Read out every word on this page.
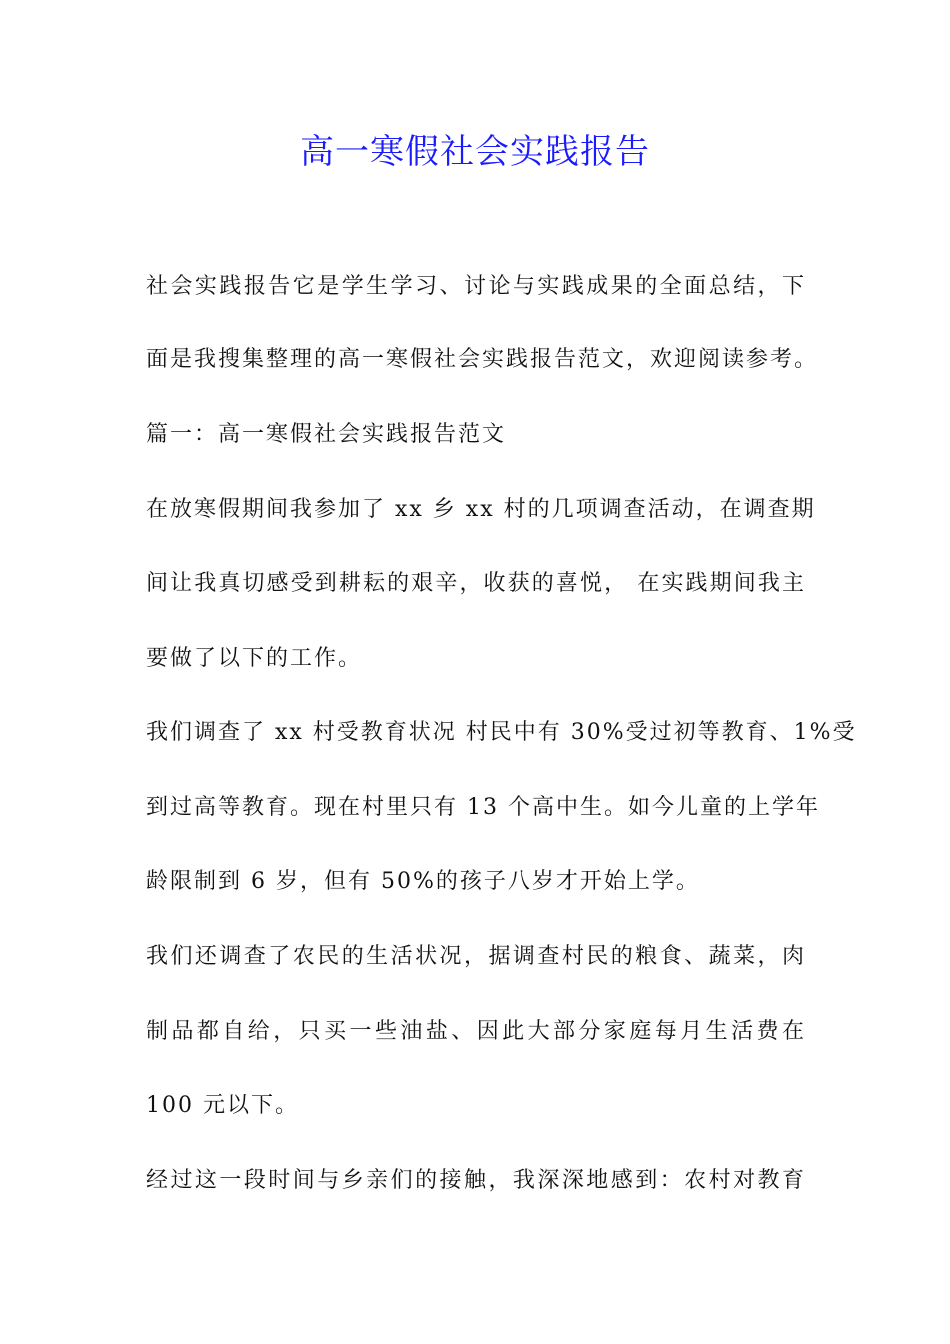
高一寒假社会实践报告
社会实践报告它是学生学习、讨论与实践成果的全面总结，下
面是我搜集整理的高一寒假社会实践报告范文，欢迎阅读参考。
篇一：高一寒假社会实践报告范文
在放寒假期间我参加了 xx 乡 xx 村的几项调查活动，在调查期
间让我真切感受到耕耘的艰辛，收获的喜悦， 在实践期间我主
要做了以下的工作。
我们调查了 xx 村受教育状况 村民中有 30%受过初等教育、1%受
到过高等教育。现在村里只有 13 个高中生。如今儿童的上学年
龄限制到 6 岁，但有 50%的孩子八岁才开始上学。
我们还调查了农民的生活状况，据调查村民的粮食、蔬菜，肉
制品都自给，只买一些油盐、因此大部分家庭每月生活费在
100 元以下。
经过这一段时间与乡亲们的接触，我深深地感到：农村对教育
